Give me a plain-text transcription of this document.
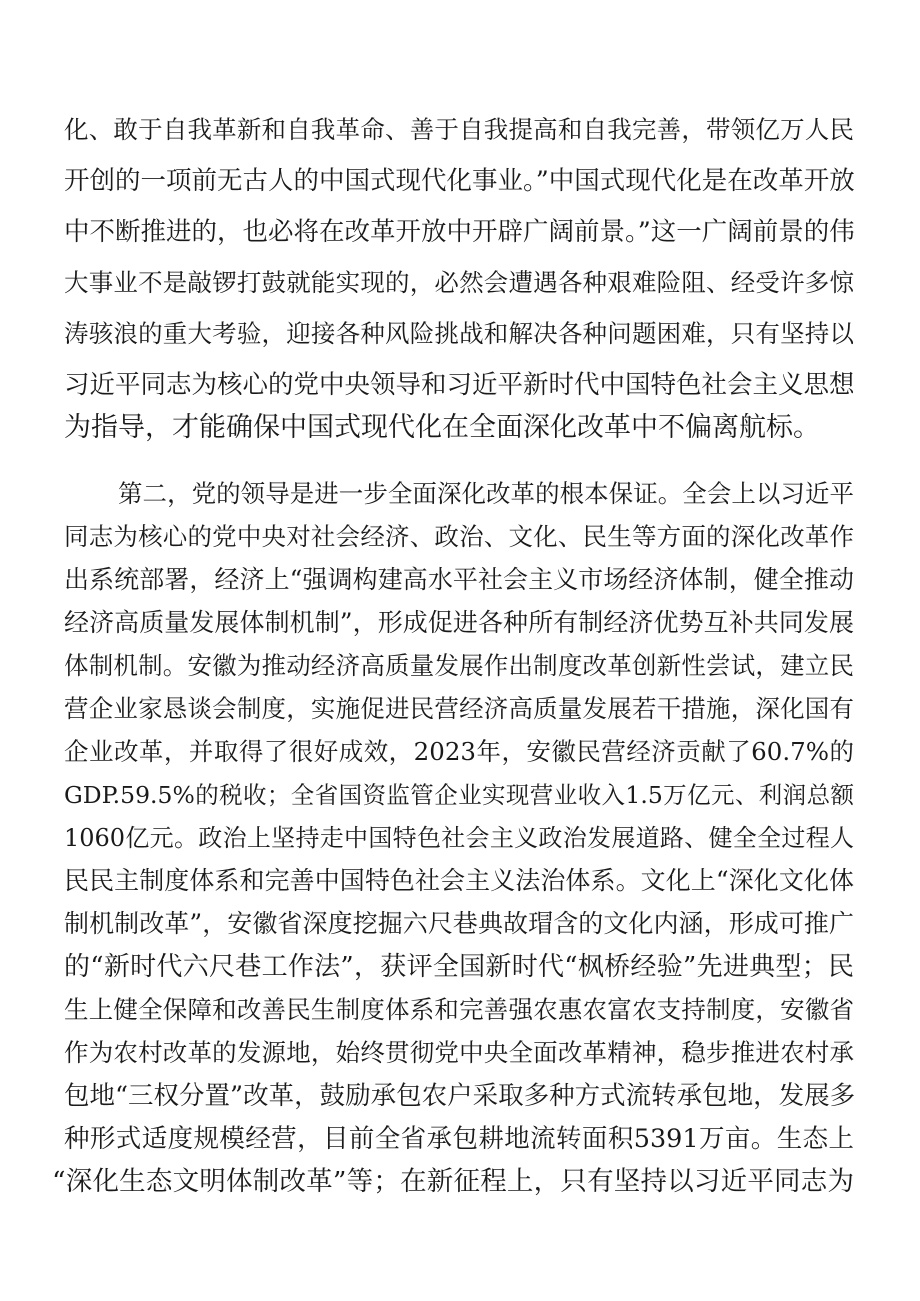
化、敢于自我革新和自我革命、善于自我提高和自我完善，带领亿万人民
开创的一项前无古人的中国式现代化事业。”中国式现代化是在改革开放
中不断推进的，也必将在改革开放中开辟广阔前景。”这一广阔前景的伟
大事业不是敲锣打鼓就能实现的，必然会遭遇各种艰难险阻、经受许多惊
涛骇浪的重大考验，迎接各种风险挑战和解决各种问题困难，只有坚持以
习近平同志为核心的党中央领导和习近平新时代中国特色社会主义思想
为指导，才能确保中国式现代化在全面深化改革中不偏离航标。
第二，党的领导是进一步全面深化改革的根本保证。全会上以习近平
同志为核心的党中央对社会经济、政治、文化、民生等方面的深化改革作
出系统部署，经济上“强调构建高水平社会主义市场经济体制，健全推动
经济高质量发展体制机制”，形成促进各种所有制经济优势互补共同发展
体制机制。安徽为推动经济高质量发展作出制度改革创新性尝试，建立民
营企业家恳谈会制度，实施促进民营经济高质量发展若干措施，深化国有
企业改革，并取得了很好成效，2023年，安徽民营经济贡献了60.7%的
GDP.59.5%的税收；全省国资监管企业实现营业收入1.5万亿元、利润总额
1060亿元。政治上坚持走中国特色社会主义政治发展道路、健全全过程人
民民主制度体系和完善中国特色社会主义法治体系。文化上“深化文化体
制机制改革”，安徽省深度挖掘六尺巷典故瑁含的文化内涵，形成可推广
的“新时代六尺巷工作法”，获评全国新时代“枫桥经验”先进典型；民
生上健全保障和改善民生制度体系和完善强农惠农富农支持制度，安徽省
作为农村改革的发源地，始终贯彻党中央全面改革精神，稳步推进农村承
包地“三权分置”改革，鼓励承包农户采取多种方式流转承包地，发展多
种形式适度规模经营，目前全省承包耕地流转面积5391万亩。生态上
“深化生态文明体制改革”等；在新征程上，只有坚持以习近平同志为
